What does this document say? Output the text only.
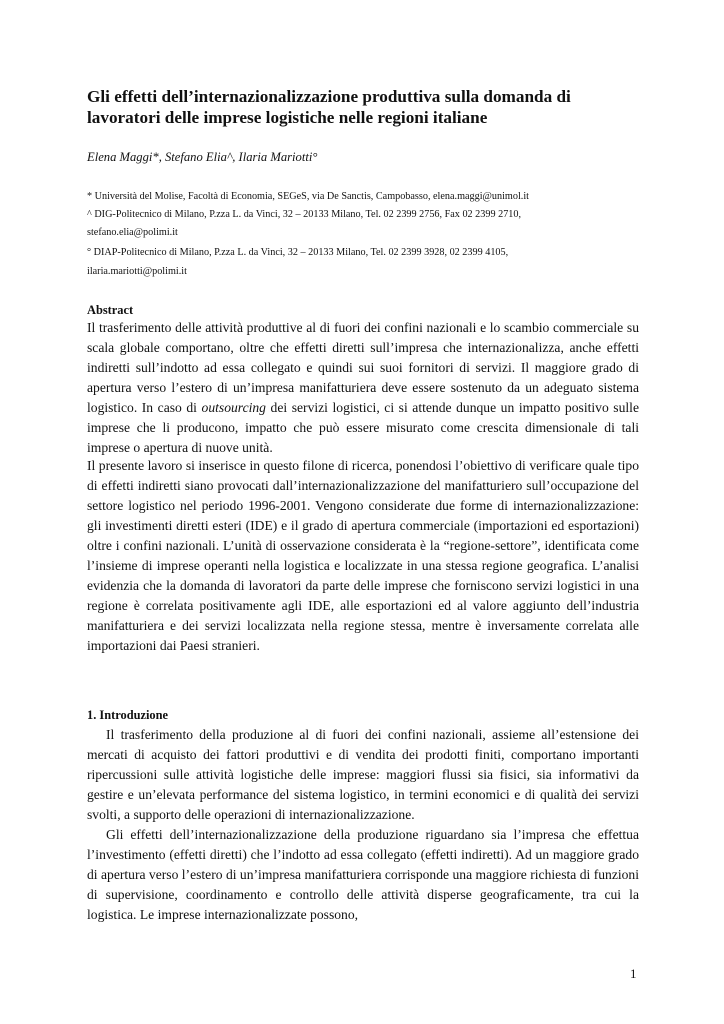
Gli effetti dell’internazionalizzazione produttiva sulla domanda di lavoratori delle imprese logistiche nelle regioni italiane
Elena Maggi*, Stefano Elia^, Ilaria Mariotti°
* Università del Molise, Facoltà di Economia, SEGeS, via De Sanctis, Campobasso, elena.maggi@unimol.it
^ DIG-Politecnico di Milano, P.zza L. da Vinci, 32 – 20133 Milano, Tel. 02 2399 2756, Fax 02 2399 2710,
stefano.elia@polimi.it
° DIAP-Politecnico di Milano, P.zza L. da Vinci, 32 – 20133 Milano, Tel. 02 2399 3928, 02 2399 4105,
ilaria.mariotti@polimi.it
Abstract

Il trasferimento delle attività produttive al di fuori dei confini nazionali e lo scambio commerciale su scala globale comportano, oltre che effetti diretti sull’impresa che internazionalizza, anche effetti indiretti sull’indotto ad essa collegato e quindi sui suoi fornitori di servizi. Il maggiore grado di apertura verso l’estero di un’impresa manifatturiera deve essere sostenuto da un adeguato sistema logistico. In caso di outsourcing dei servizi logistici, ci si attende dunque un impatto positivo sulle imprese che li producono, impatto che può essere misurato come crescita dimensionale di tali imprese o apertura di nuove unità.

Il presente lavoro si inserisce in questo filone di ricerca, ponendosi l’obiettivo di verificare quale tipo di effetti indiretti siano provocati dall’internazionalizzazione del manifatturiero sull’occupazione del settore logistico nel periodo 1996-2001. Vengono considerate due forme di internazionalizzazione: gli investimenti diretti esteri (IDE) e il grado di apertura commerciale (importazioni ed esportazioni) oltre i confini nazionali. L’unità di osservazione considerata è la “regione-settore”, identificata come l’insieme di imprese operanti nella logistica e localizzate in una stessa regione geografica. L’analisi evidenzia che la domanda di lavoratori da parte delle imprese che forniscono servizi logistici in una regione è correlata positivamente agli IDE, alle esportazioni ed al valore aggiunto dell’industria manifatturiera e dei servizi localizzata nella regione stessa, mentre è inversamente correlata alle importazioni dai Paesi stranieri.

1. Introduzione

Il trasferimento della produzione al di fuori dei confini nazionali, assieme all’estensione dei mercati di acquisto dei fattori produttivi e di vendita dei prodotti finiti, comportano importanti ripercussioni sulle attività logistiche delle imprese: maggiori flussi sia fisici, sia informativi da gestire e un’elevata performance del sistema logistico, in termini economici e di qualità dei servizi svolti, a supporto delle operazioni di internazionalizzazione.

Gli effetti dell’internazionalizzazione della produzione riguardano sia l’impresa che effettua l’investimento (effetti diretti) che l’indotto ad essa collegato (effetti indiretti). Ad un maggiore grado di apertura verso l’estero di un’impresa manifatturiera corrisponde una maggiore richiesta di funzioni di supervisione, coordinamento e controllo delle attività disperse geograficamente, tra cui la logistica. Le imprese internazionalizzate possono,

1
